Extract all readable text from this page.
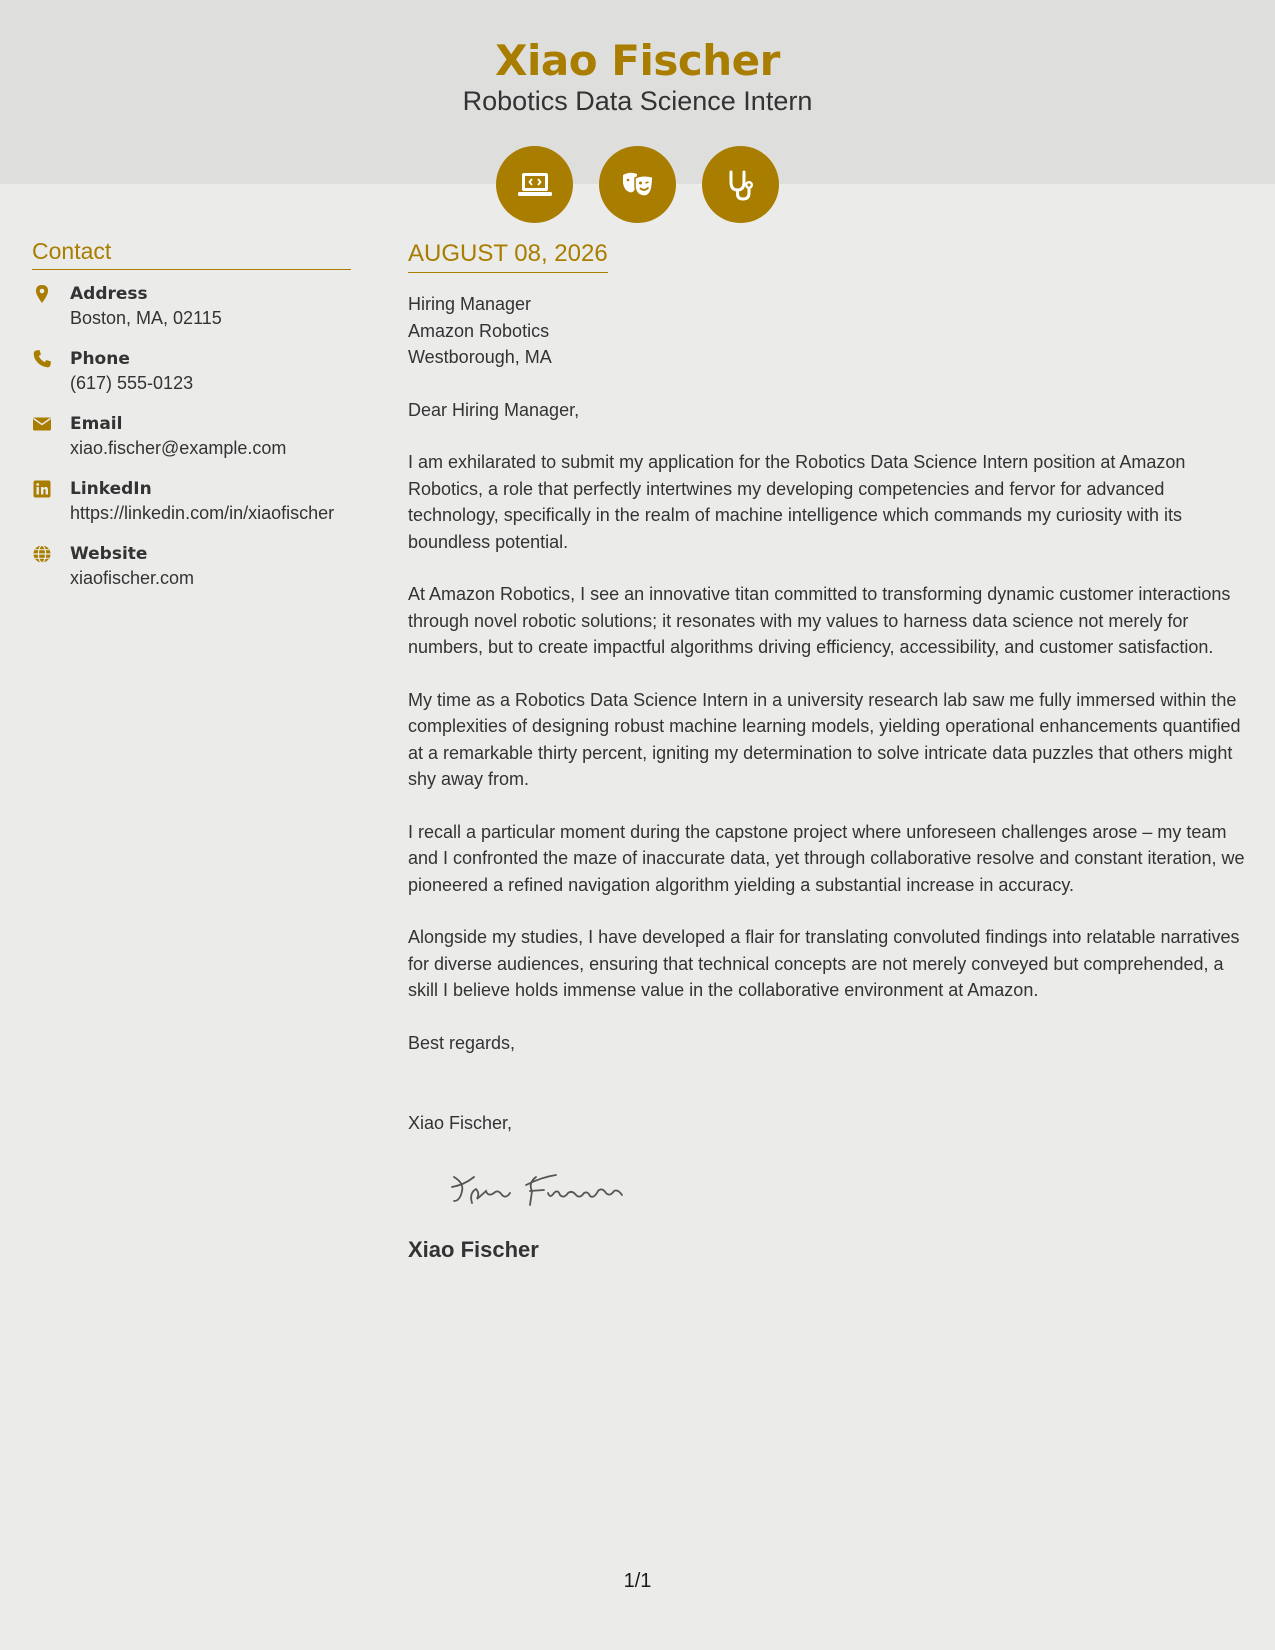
Xiao Fischer
Robotics Data Science Intern
Contact
Address
Boston, MA, 02115
Phone
(617) 555-0123
Email
xiao.fischer@example.com
LinkedIn
https://linkedin.com/in/xiaofischer
Website
xiaofischer.com
AUGUST 08, 2026
Hiring Manager
Amazon Robotics
Westborough, MA
Dear Hiring Manager,
I am exhilarated to submit my application for the Robotics Data Science Intern position at Amazon Robotics, a role that perfectly intertwines my developing competencies and fervor for advanced technology, specifically in the realm of machine intelligence which commands my curiosity with its boundless potential.
At Amazon Robotics, I see an innovative titan committed to transforming dynamic customer interactions through novel robotic solutions; it resonates with my values to harness data science not merely for numbers, but to create impactful algorithms driving efficiency, accessibility, and customer satisfaction.
My time as a Robotics Data Science Intern in a university research lab saw me fully immersed within the complexities of designing robust machine learning models, yielding operational enhancements quantified at a remarkable thirty percent, igniting my determination to solve intricate data puzzles that others might shy away from.
I recall a particular moment during the capstone project where unforeseen challenges arose – my team and I confronted the maze of inaccurate data, yet through collaborative resolve and constant iteration, we pioneered a refined navigation algorithm yielding a substantial increase in accuracy.
Alongside my studies, I have developed a flair for translating convoluted findings into relatable narratives for diverse audiences, ensuring that technical concepts are not merely conveyed but comprehended, a skill I believe holds immense value in the collaborative environment at Amazon.
Best regards,
Xiao Fischer,
Xiao Fischer
1/1
